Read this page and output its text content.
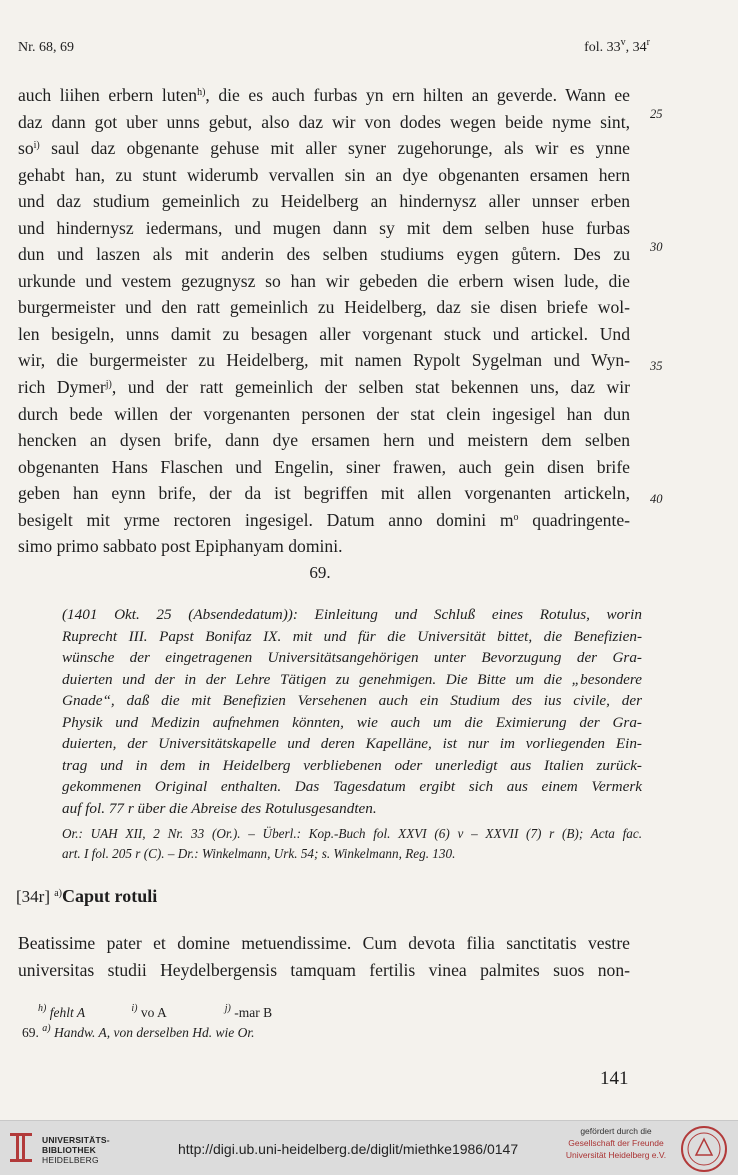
Nr. 68, 69	fol. 33$^v$, 34$^r$
auch liihen erbern luten$^{h)}$, die es auch furbas yn ern hilten an geverde. Wann ee
daz dann got uber unns gebut, also daz wir von dodes wegen beide nyme sint,
$so^{i)}$ saul daz obgenante gehuse mit aller syner zugehorunge, als wir es ynne
gehabt han, zu stunt widerumb vervallen sin an dye obgenanten ersamen hern
und daz studium gemeinlich zu Heidelberg an hindernysz aller unnser erben
und hindernysz iedermans, und mugen dann sy mit dem selben huse furbas
dun und laszen als mit anderin des selben studiums eygen gůtern. Des zu
urkunde und vestem gezugnysz so han wir gebeden die erbern wisen lude, die
burgermeister und den ratt gemeinlich zu Heidelberg, daz sie disen briefe wol-
len besigeln, unns damit zu besagen aller vorgenant stuck und artickel. Und
wir, die burgermeister zu Heidelberg, mit namen Rypolt Sygelman und Wyn-
rich Dymer$^{j)}$, und der ratt gemeinlich der selben stat bekennen uns, daz wir
durch bede willen der vorgenanten personen der stat clein ingesigel han dun
hencken an dysen brife, dann dye ersamen hern und meistern dem selben
obgenanten Hans Flaschen und Engelin, siner frawen, auch gein disen brife
geben han eynn brife, der da ist begriffen mit allen vorgenanten artickeln,
besigelt mit yrme rectoren ingesigel. Datum anno domini $m^o$ quadringente-
simo primo sabbato post Epiphanyam domini.
25
30
35
40
69.
(1401 Okt. 25 (Absendedatum)): Einleitung und Schluß eines Rotulus, worin
Ruprecht III. Papst Bonifaz IX. mit und für die Universität bittet, die Benefizien-
wünsche der eingetragenen Universitätsangehörigen unter Bevorzugung der Gra-
duierten und der in der Lehre Tätigen zu genehmigen. Die Bitte um die „besondere
Gnade“, daß die mit Benefizien Versehenen auch ein Studium des ius civile, der
Physik und Medizin aufnehmen könnten, wie auch um die Eximierung der Gra-
duierten, der Universitätskapelle und deren Kapelläne, ist nur im vorliegenden Ein-
trag und in dem in Heidelberg verbliebenen oder unerledigt aus Italien zurück-
gekommenen Original enthalten. Das Tagesdatum ergibt sich aus einem Vermerk
auf fol. 77 r über die Abreise des Rotulusgesandten.
Or.: UAH XII, 2 Nr. 33 (Or.). – Überl.: Kop.-Buch fol. XXVI (6) v – XXVII (7) r (B); Acta fac.
art. I fol. 205 r (C). – Dr.: Winkelmann, Urk. 54; s. Winkelmann, Reg. 130.
[34r] $^{a)}$Caput rotuli
Beatissime pater et domine metuendissime. Cum devota filia sanctitatis vestre
universitas studii Heydelbergensis tamquam fertilis vinea palmites suos non-
$^{h)}$ fehlt A	$^{i)}$ vo A	$^{j)}$ -mar B
69. $^{a)}$ Handw. A, von derselben Hd. wie Or.
141
UNIVERSITÄTS-
BIBLIOTHEK
HEIDELBERG
http://digi.ub.uni-heidelberg.de/diglit/miethke1986/0147
gefördert durch die
Gesellschaft der Freunde
Universität Heidelberg e.V.
